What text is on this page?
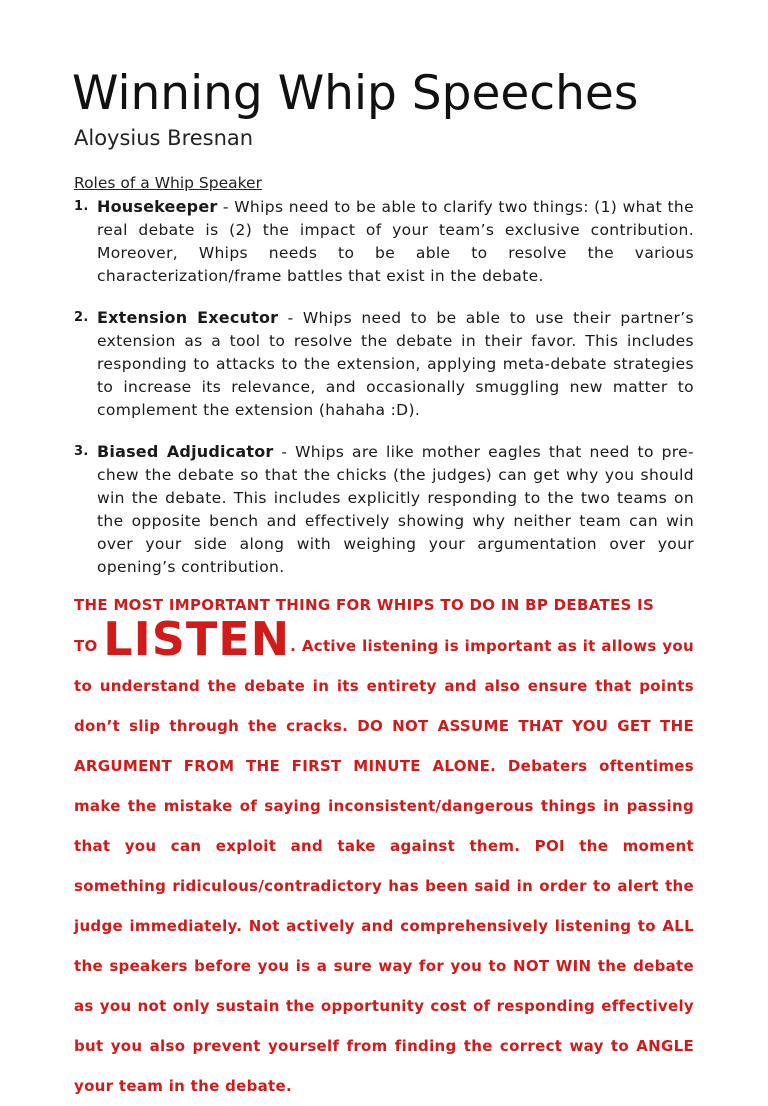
Winning Whip Speeches
Aloysius Bresnan
Roles of a Whip Speaker
1. Housekeeper - Whips need to be able to clarify two things: (1) what the real debate is (2) the impact of your team’s exclusive contribution. Moreover, Whips needs to be able to resolve the various characterization/frame battles that exist in the debate.
2. Extension Executor - Whips need to be able to use their partner’s extension as a tool to resolve the debate in their favor. This includes responding to attacks to the extension, applying meta-debate strategies to increase its relevance, and occasionally smuggling new matter to complement the extension (hahaha :D).
3. Biased Adjudicator - Whips are like mother eagles that need to pre-chew the debate so that the chicks (the judges) can get why you should win the debate. This includes explicitly responding to the two teams on the opposite bench and effectively showing why neither team can win over your side along with weighing your argumentation over your opening’s contribution.

THE MOST IMPORTANT THING FOR WHIPS TO DO IN BP DEBATES IS

TO LISTEN. Active listening is important as it allows you to understand the debate in its entirety and also ensure that points don’t slip through the cracks. DO NOT ASSUME THAT YOU GET THE ARGUMENT FROM THE FIRST MINUTE ALONE. Debaters oftentimes make the mistake of saying inconsistent/dangerous things in passing that you can exploit and take against them. POI the moment something ridiculous/contradictory has been said in order to alert the judge immediately. Not actively and comprehensively listening to ALL the speakers before you is a sure way for you to NOT WIN the debate as you not only sustain the opportunity cost of responding effectively but you also prevent yourself from finding the correct way to ANGLE your team in the debate.
